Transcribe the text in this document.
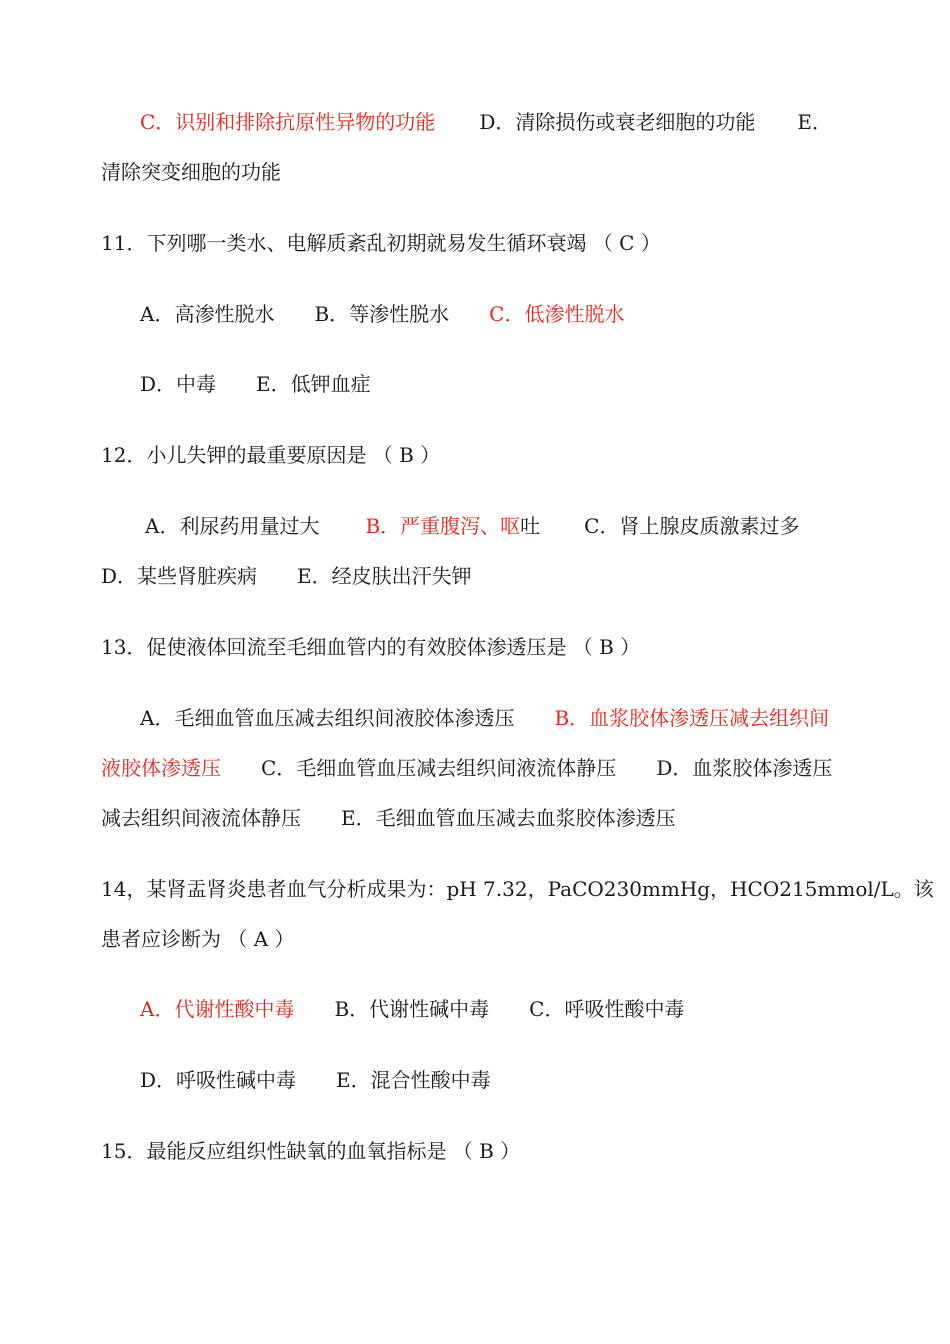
C．识别和排除抗原性异物的功能 D．清除损伤或衰老细胞的功能 E．
清除突变细胞的功能
11．下列哪一类水、电解质紊乱初期就易发生循环衰竭 （ C ）
A．高渗性脱水 B．等渗性脱水 C．低渗性脱水
D．中毒 E．低钾血症
12．小儿失钾的最重要原因是 （ B ）
A．利尿药用量过大 B．严重腹泻、呕吐 C．肾上腺皮质激素过多
D．某些肾脏疾病 E．经皮肤出汗失钾
13．促使液体回流至毛细血管内的有效胶体渗透压是 （ B ）
A．毛细血管血压减去组织间液胶体渗透压 B．血浆胶体渗透压减去组织间
液胶体渗透压 C．毛细血管血压减去组织间液流体静压 D．血浆胶体渗透压
减去组织间液流体静压 E．毛细血管血压减去血浆胶体渗透压
14，某肾盂肾炎患者血气分析成果为：pH 7.32，PaCO230mmHg，HCO215mmol/L。该
患者应诊断为 （ A ）
A．代谢性酸中毒 B．代谢性碱中毒 C．呼吸性酸中毒
D．呼吸性碱中毒 E．混合性酸中毒
15．最能反应组织性缺氧的血氧指标是 （ B ）
